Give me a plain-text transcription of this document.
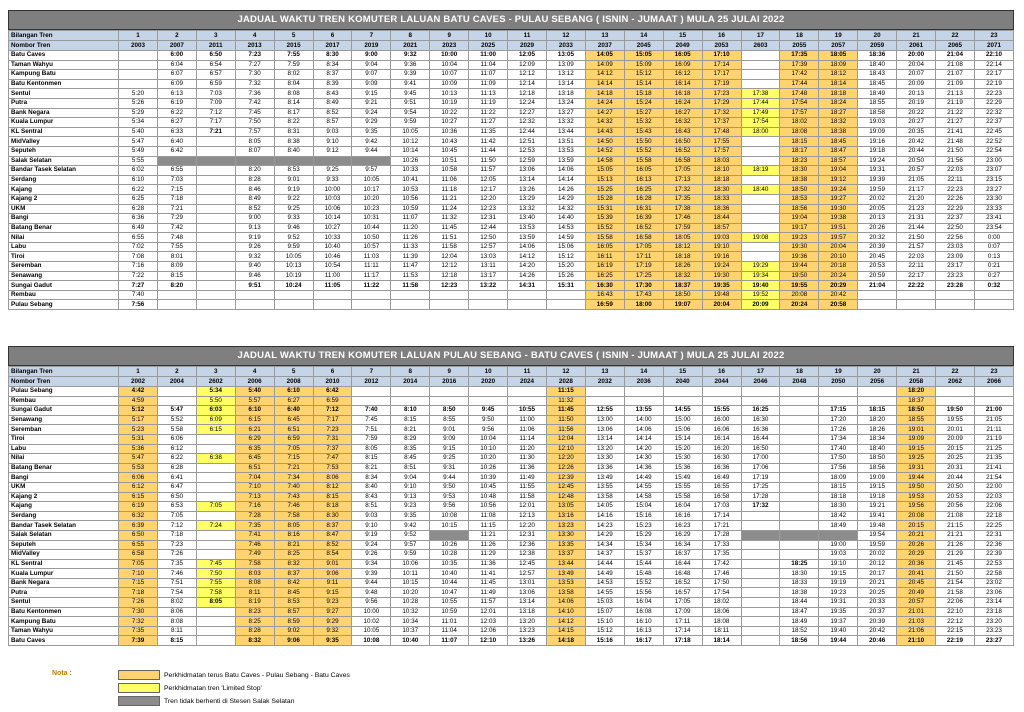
JADUAL WAKTU TREN KOMUTER LALUAN BATU CAVES - PULAU SEBANG ( ISNIN - JUMAAT ) MULA 25 JULAI 2022
Bilangan Tren	1	2	3	4	5	6	7	8	9	10	11	12	13	14	15	16	17	18	19	20	21	22	23
Nombor Tren	2003	2007	2011	2013	2015	2017	2019	2021	2023	2025	2029	2033	2037	2045	2049	2053	2603	2055	2057	2059	2061	2065	2071
Batu Caves		6:00	6:50	7:23	7:55	8:30	9:00	9:32	10:00	11:00	12:05	13:05	14:05	15:05	16:05	17:10		17:35	18:05	18:36	20:00	21:04	22:10
Taman Wahyu		6:04	6:54	7:27	7:59	8:34	9:04	9:36	10:04	11:04	12:09	13:09	14:09	15:09	16:09	17:14		17:39	18:09	18:40	20:04	21:08	22:14
Kampung Batu		6:07	6:57	7:30	8:02	8:37	9:07	9:39	10:07	11:07	12:12	13:12	14:12	15:12	16:12	17:17		17:42	18:12	18:43	20:07	21:07	22:17
Batu Kentonmen		6:09	6:59	7:32	8:04	8:39	9:09	9:41	10:09	11:09	12:14	13:14	14:14	15:14	16:14	17:19		17:44	18:14	18:45	20:09	21:09	22:19
Sentul	5:20	6:13	7:03	7:36	8:08	8:43	9:15	9:45	10:13	11:13	12:18	13:18	14:18	15:18	16:18	17:23	17:38	17:48	18:18	18:49	20:13	21:13	22:23
Putra	5:26	6:19	7:09	7:42	8:14	8:49	9:21	9:51	10:19	11:19	12:24	13:24	14:24	15:24	16:24	17:29	17:44	17:54	18:24	18:55	20:19	21:19	22:29
Bank Negara	5:29	6:22	7:12	7:45	8:17	8:52	9:24	9:54	10:22	11:22	12:27	13:27	14:27	15:27	16:27	17:32	17:49	17:57	18:27	18:58	20:22	21:22	22:32
Kuala Lumpur	5:34	6:27	7:17	7:50	8:22	8:57	9:29	9:59	10:27	11:27	12:32	13:32	14:32	15:32	16:32	17:37	17:54	18:02	18:32	19:03	20:27	21:27	22:37
KL Sentral	5:40	6:33	7:21	7:57	8:31	9:03	9:35	10:05	10:36	11:35	12:44	13:44	14:43	15:43	16:43	17:48	18:00	18:08	18:38	19:09	20:35	21:41	22:45
MidValley	5:47	6:40		8:05	8:38	9:10	9:42	10:12	10:43	11:42	12:51	13:51	14:50	15:50	16:50	17:55		18:15	18:45	19:16	20:42	21:48	22:52
Seputeh	5:49	6:42		8:07	8:40	9:12	9:44	10:14	10:45	11:44	12:53	13:53	14:52	15:52	16:52	17:57		18:17	18:47	19:18	20:44	21:50	22:54
Salak Selatan	5:55							10:26	10:51	11:50	12:59	13:59	14:58	15:58	16:58	18:03		18:23	18:57	19:24	20:50	21:56	23:00
Bandar Tasek Selatan	6:02	6:55		8:20	8:53	9:25	9:57	10:33	10:58	11:57	13:06	14:06	15:05	16:05	17:05	18:10	18:19	18:30	19:04	19:31	20:57	22:03	23:07
Serdang	6:10	7:03		8:28	9:01	9:33	10:05	10:41	11:06	12:05	13:14	14:14	15:13	16:13	17:13	18:18		18:38	19:12	19:39	21:05	22:11	23:15
Kajang	6:22	7:15		8:46	9:19	10:00	10:17	10:53	11:18	12:17	13:26	14:26	15:25	16:25	17:32	18:30	18:40	18:50	19:24	19:59	21:17	22:23	23:27
Kajang 2	6:25	7:18		8:49	9:22	10:03	10:20	10:56	11:21	12:20	13:29	14:29	15:28	16:28	17:35	18:33		18:53	19:27	20:02	21:20	22:26	23:30
UKM	6:28	7:21		8:52	9:25	10:06	10:23	10:59	11:24	12:23	13:32	14:32	15:31	16:31	17:38	18:36		18:56	19:30	20:05	21:23	22:29	23:33
Bangi	6:36	7:29		9:00	9:33	10:14	10:31	11:07	11:32	12:31	13:40	14:40	15:39	16:39	17:46	18:44		19:04	19:38	20:13	21:31	22:37	23:41
Batang Benar	6:49	7:42		9:13	9:46	10:27	10:44	11:20	11:45	12:44	13:53	14:53	15:52	16:52	17:59	18:57		19:17	19:51	20:26	21:44	22:50	23:54
Nilai	6:55	7:48		9:19	9:52	10:33	10:50	11:26	11:51	12:50	13:59	14:59	15:58	16:58	18:05	19:03	19:08	19:23	19:57	20:32	21:50	22:56	0:00
Labu	7:02	7:55		9:26	9:59	10:40	10:57	11:33	11:58	12:57	14:06	15:06	16:05	17:05	18:12	19:10		19:30	20:04	20:39	21:57	23:03	0:07
Tiroi	7:08	8:01		9:32	10:05	10:46	11:03	11:39	12:04	13:03	14:12	15:12	16:11	17:11	18:18	19:16		19:36	20:10	20:45	22:03	23:09	0:13
Seremban	7:16	8:09		9:40	10:13	10:54	11:11	11:47	12:12	13:11	14:20	15:20	16:19	17:19	18:26	19:24	19:29	19:44	20:18	20:53	22:11	23:17	0:21
Senawang	7:22	8:15		9:46	10:19	11:00	11:17	11:53	12:18	13:17	14:26	15:26	16:25	17:25	18:32	19:30	19:34	19:50	20:24	20:59	22:17	23:23	0:27
Sungai Gadut	7:27	8:20		9:51	10:24	11:05	11:22	11:58	12:23	13:22	14:31	15:31	16:30	17:30	18:37	19:35	19:40	19:55	20:29	21:04	22:22	23:28	0:32
Rembau	7:40												16:43	17:43	18:50	19:48	19:52	20:08	20:42				
Pulau Sebang	7:56												16:59	18:00	19:07	20:04	20:09	20:24	20:58				
JADUAL WAKTU TREN KOMUTER LALUAN PULAU SEBANG - BATU CAVES ( ISNIN - JUMAAT ) MULA 25 JULAI 2022
Bilangan Tren	1	2	3	4	5	6	7	8	9	10	11	12	13	14	15	16	17	18	19	20	21	22	23
Nombor Tren	2002	2004	2602	2006	2008	2010	2012	2014	2016	2020	2024	2028	2032	2036	2040	2044	2046	2048	2050	2056	2058	2062	2066
Pulau Sebang	4:42		5:34	5:40	6:10	6:42						11:15									18:20		
Rembau	4:59		5:50	5:57	6:27	6:59						11:32									18:37		
Sungai Gadut	5:12	5:47	6:03	6:10	6:40	7:12	7:40	8:10	8:50	9:45	10:55	11:45	12:55	13:55	14:55	15:55	16:25		17:15	18:15	18:50	19:50	21:00
Senawang	5:17	5:52	6:09	6:15	6:45	7:17	7:45	8:15	8:55	9:50	11:00	11:50	13:00	14:00	15:00	16:00	16:30		17:20	18:20	18:55	19:55	21:05
Seremban	5:23	5:58	6:15	6:21	6:51	7:23	7:51	8:21	9:01	9:56	11:06	11:56	13:06	14:06	15:06	16:06	16:36		17:26	18:26	19:01	20:01	21:11
Tiroi	5:31	6:06		6:29	6:59	7:31	7:59	8:29	9:09	10:04	11:14	12:04	13:14	14:14	15:14	16:14	16:44		17:34	18:34	19:09	20:09	21:19
Labu	5:36	6:12		6:35	7:05	7:37	8:05	8:35	9:15	10:10	11:20	12:10	13:20	14:20	15:20	16:20	16:50		17:40	18:40	19:15	20:15	21:25
Nilai	5:47	6:22	6:38	6:45	7:15	7:47	8:15	8:45	9:25	10:20	11:30	12:20	13:30	14:30	15:30	16:30	17:00		17:50	18:50	19:25	20:25	21:35
Batang Benar	5:53	6:28		6:51	7:21	7:53	8:21	8:51	9:31	10:26	11:36	12:26	13:36	14:36	15:36	16:36	17:06		17:56	18:56	19:31	20:31	21:41
Bangi	6:06	6:41		7:04	7:34	8:06	8:34	9:04	9:44	10:39	11:49	12:39	13:49	14:49	15:49	16:49	17:19		18:09	19:09	19:44	20:44	21:54
UKM	6:12	6:47		7:10	7:40	8:12	8:40	9:10	9:50	10:45	11:55	12:45	13:55	14:55	15:55	16:55	17:25		18:15	19:15	19:50	20:50	22:00
Kajang 2	6:15	6:50		7:13	7:43	8:15	8:43	9:13	9:53	10:48	11:58	12:48	13:58	14:58	15:58	16:58	17:28		18:18	19:18	19:53	20:53	22:03
Kajang	6:19	6:53	7:05	7:16	7:46	8:18	8:51	9:23	9:56	10:56	12:01	13:05	14:05	15:04	16:04	17:03	17:32		18:30	19:21	19:56	20:56	22:06
Serdang	6:32	7:05		7:28	7:58	8:30	9:03	9:35	10:08	11:08	12:13	13:16	14:16	15:16	16:16	17:14			18:42	19:41	20:08	21:08	22:18
Bandar Tasek Selatan	6:39	7:12	7:24	7:35	8:05	8:37	9:10	9:42	10:15	11:15	12:20	13:23	14:23	15:23	16:23	17:21			18:49	19:48	20:15	21:15	22:25
Salak Selatan	6:50	7:18		7:41	8:16	8:47	9:19	9:52		11:21	12:31	13:30	14:29	15:29	16:29	17:28				19:54	20:21	21:21	22:31
Seputeh	6:55	7:23		7:46	8:21	8:52	9:24	9:57	10:26	11:26	12:36	13:35	14:34	15:34	16:34	17:33			19:00	19:59	20:26	21:26	22:36
MidValley	6:58	7:26		7:49	8:25	8:54	9:26	9:59	10:28	11:29	12:38	13:37	14:37	15:37	16:37	17:35			19:03	20:02	20:29	21:29	22:39
KL Sentral	7:05	7:35	7:45	7:58	8:32	9:01	9:34	10:06	10:35	11:36	12:45	13:44	14:44	15:44	16:44	17:42		18:25	19:10	20:12	20:36	21:45	22:53
Kuala Lumpur	7:10	7:46	7:50	8:03	8:37	9:06	9:39	10:11	10:40	11:41	12:57	13:49	14:49	15:48	16:48	17:46		18:30	19:15	20:17	20:41	21:50	22:58
Bank Negara	7:15	7:51	7:55	8:08	8:42	9:11	9:44	10:15	10:44	11:45	13:01	13:53	14:53	15:52	16:52	17:50		18:33	19:19	20:21	20:45	21:54	23:02
Putra	7:18	7:54	7:58	8:11	8:45	9:15	9:48	10:20	10:47	11:49	13:06	13:58	14:55	15:56	16:57	17:54		18:38	19:23	20:25	20:49	21:58	23:06
Sentul	7:26	8:02	8:05	8:19	8:53	9:23	9:56	10:28	10:55	11:57	13:14	14:06	15:03	16:04	17:05	18:02		18:44	19:31	20:33	20:57	22:06	23:14
Batu Kentonmen	7:30	8:06		8:23	8:57	9:27	10:00	10:32	10:59	12:01	13:18	14:10	15:07	16:08	17:09	18:06		18:47	19:35	20:37	21:01	22:10	23:18
Kampung Batu	7:32	8:08		8:25	8:59	9:29	10:02	10:34	11:01	12:03	13:20	14:12	15:10	16:10	17:11	18:08		18:49	19:37	20:39	21:03	22:12	23:20
Taman Wahyu	7:35	8:11		8:28	9:02	9:32	10:05	10:37	11:04	12:06	13:23	14:15	15:12	16:13	17:14	18:11		18:52	19:40	20:42	21:06	22:15	23:23
Batu Caves	7:39	8:15		8:32	9:06	9:35	10:08	10:40	11:07	12:10	13:26	14:18	15:16	16:17	17:18	18:14		18:56	19:44	20:46	21:10	22:19	23:27
Nota :	Perkhidmatan terus Batu Caves - Pulau Sebang - Batu Caves
Perkhidmatan tren 'Limited Stop'
Tren tidak berhenti di Stesen Salak Selatan
